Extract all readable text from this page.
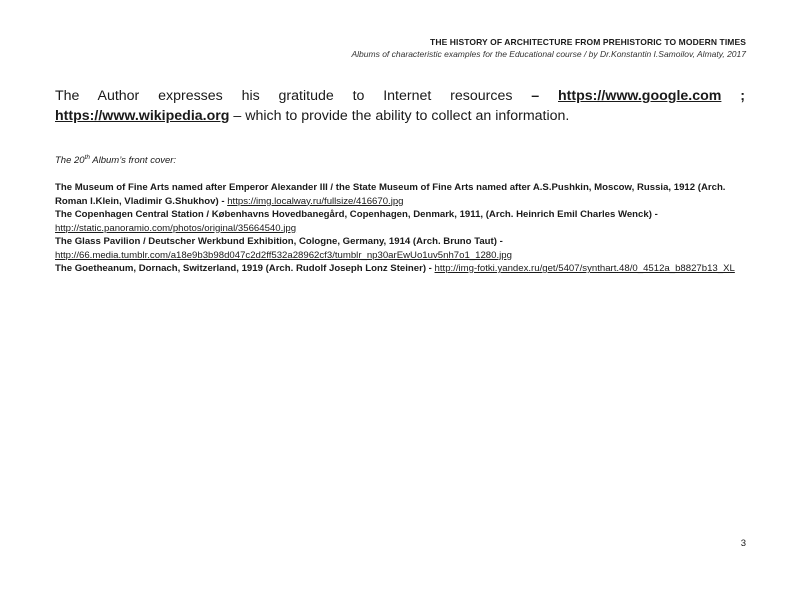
THE HISTORY OF ARCHITECTURE FROM PREHISTORIC TO MODERN TIMES
Albums of characteristic examples for the Educational course / by Dr.Konstantin I.Samoilov, Almaty, 2017
The Author expresses his gratitude to Internet resources – https://www.google.com ; https://www.wikipedia.org – which to provide the ability to collect an information.
The 20th Album’s front cover:

The Museum of Fine Arts named after Emperor Alexander III / the State Museum of Fine Arts named after A.S.Pushkin, Moscow, Russia, 1912 (Arch. Roman I.Klein, Vladimir G.Shukhov) - https://img.localway.ru/fullsize/416670.jpg

The Copenhagen Central Station / Københavns Hovedbanegård, Copenhagen, Denmark, 1911, (Arch. Heinrich Emil Charles Wenck) - http://static.panoramio.com/photos/original/35664540.jpg

The Glass Pavilion / Deutscher Werkbund Exhibition, Cologne, Germany, 1914 (Arch. Bruno Taut) - http://66.media.tumblr.com/a18e9b3b98d047c2d2ff532a28962cf3/tumblr_np30arEwUo1uv5nh7o1_1280.jpg

The Goetheanum, Dornach, Switzerland, 1919 (Arch. Rudolf Joseph Lonz Steiner) - http://img-fotki.yandex.ru/get/5407/synthart.48/0_4512a_b8827b13_XL

3
